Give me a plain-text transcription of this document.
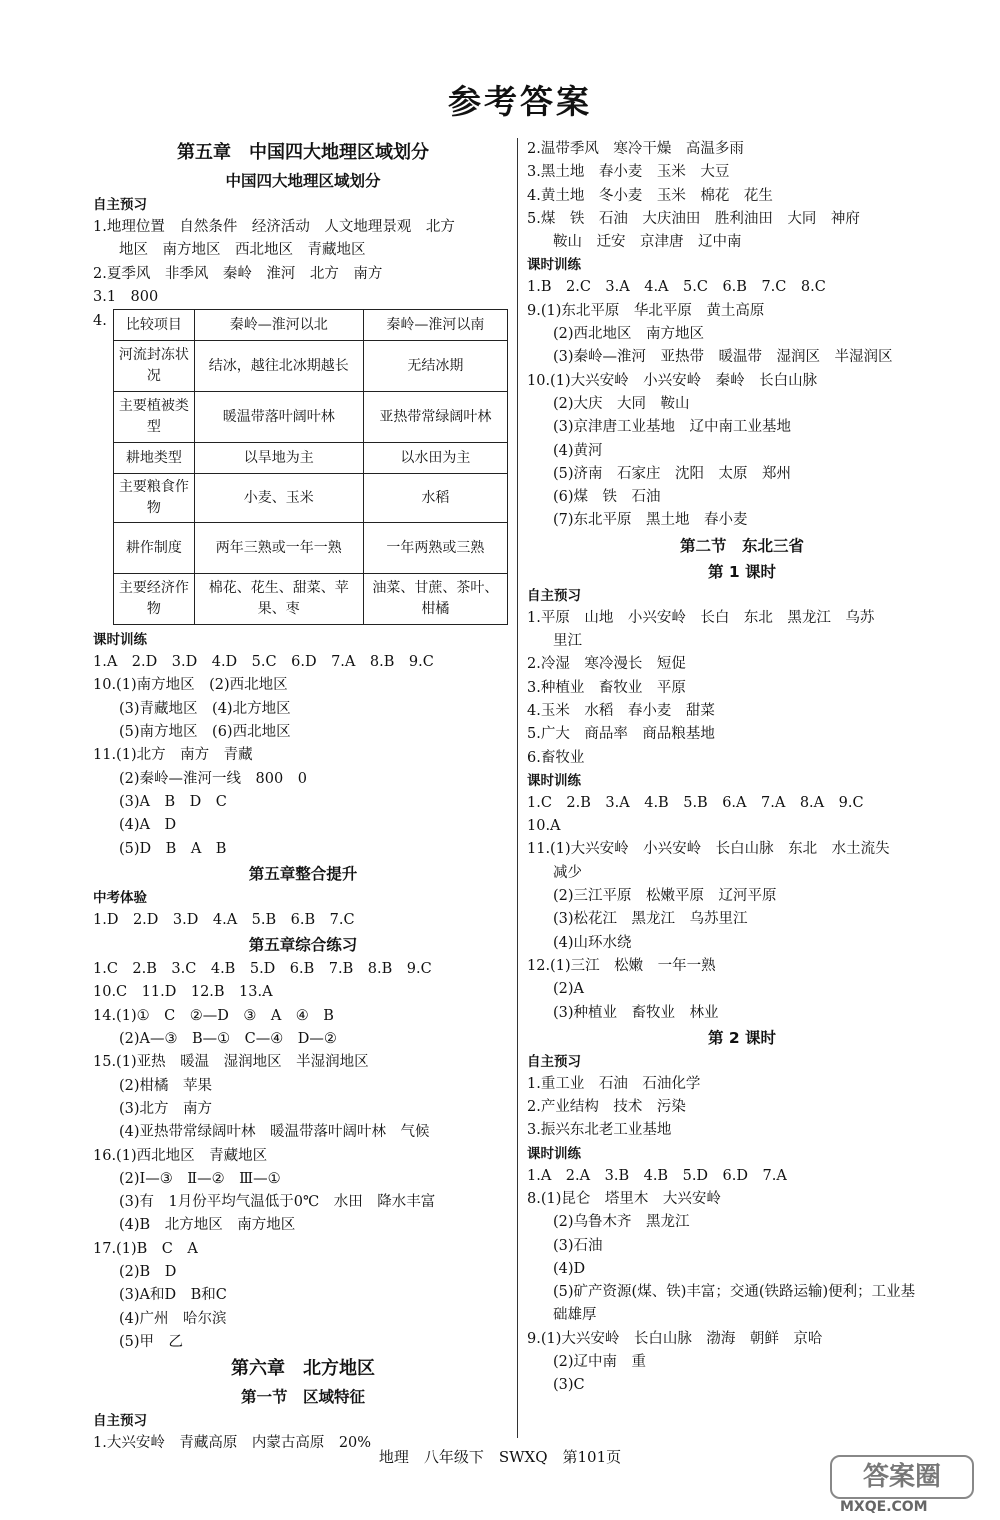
参考答案
第五章　中国四大地理区域划分
中国四大地理区域划分
自主预习
1.地理位置　自然条件　经济活动　人文地理景观　北方
地区　南方地区　西北地区　青藏地区
2.夏季风　非季风　秦岭　淮河　北方　南方
3.1　800
4. 比较项目	秦岭—淮河以北	秦岭—淮河以南
河流封冻状况	结冰，越往北冰期越长	无结冰期
主要植被类型	暖温带落叶阔叶林	亚热带常绿阔叶林
耕地类型	以旱地为主	以水田为主
主要粮食作物	小麦、玉米	水稻
耕作制度	两年三熟或一年一熟	一年两熟或三熟
主要经济作物	棉花、花生、甜菜、苹果、枣	油菜、甘蔗、茶叶、柑橘
课时训练
1.A　2.D　3.D　4.D　5.C　6.D　7.A　8.B　9.C
10.(1)南方地区　(2)西北地区
(3)青藏地区　(4)北方地区
(5)南方地区　(6)西北地区
11.(1)北方　南方　青藏
(2)秦岭—淮河一线　800　0
(3)A　B　D　C
(4)A　D
(5)D　B　A　B
第五章整合提升
中考体验
1.D　2.D　3.D　4.A　5.B　6.B　7.C
第五章综合练习
1.C　2.B　3.C　4.B　5.D　6.B　7.B　8.B　9.C
10.C　11.D　12.B　13.A
14.(1)①　C　②—D　③　A　④　B
(2)A—③　B—①　C—④　D—②
15.(1)亚热　暖温　湿润地区　半湿润地区
(2)柑橘　苹果
(3)北方　南方
(4)亚热带常绿阔叶林　暖温带落叶阔叶林　气候
16.(1)西北地区　青藏地区
(2)Ⅰ—③　Ⅱ—②　Ⅲ—①
(3)有　1月份平均气温低于0℃　水田　降水丰富
(4)B　北方地区　南方地区
17.(1)B　C　A
(2)B　D
(3)A和D　B和C
(4)广州　哈尔滨
(5)甲　乙
第六章　北方地区
第一节　区域特征
自主预习
1.大兴安岭　青藏高原　内蒙古高原　20%
2.温带季风　寒冷干燥　高温多雨
3.黑土地　春小麦　玉米　大豆
4.黄土地　冬小麦　玉米　棉花　花生
5.煤　铁　石油　大庆油田　胜利油田　大同　神府
鞍山　迁安　京津唐　辽中南
课时训练
1.B　2.C　3.A　4.A　5.C　6.B　7.C　8.C
9.(1)东北平原　华北平原　黄土高原
(2)西北地区　南方地区
(3)秦岭—淮河　亚热带　暖温带　湿润区　半湿润区
10.(1)大兴安岭　小兴安岭　秦岭　长白山脉
(2)大庆　大同　鞍山
(3)京津唐工业基地　辽中南工业基地
(4)黄河
(5)济南　石家庄　沈阳　太原　郑州
(6)煤　铁　石油
(7)东北平原　黑土地　春小麦
第二节　东北三省
第 1 课时
自主预习
1.平原　山地　小兴安岭　长白　东北　黑龙江　乌苏
里江
2.冷湿　寒冷漫长　短促
3.种植业　畜牧业　平原
4.玉米　水稻　春小麦　甜菜
5.广大　商品率　商品粮基地
6.畜牧业
课时训练
1.C　2.B　3.A　4.B　5.B　6.A　7.A　8.A　9.C
10.A
11.(1)大兴安岭　小兴安岭　长白山脉　东北　水土流失
减少
(2)三江平原　松嫩平原　辽河平原
(3)松花江　黑龙江　乌苏里江
(4)山环水绕
12.(1)三江　松嫩　一年一熟
(2)A
(3)种植业　畜牧业　林业
第 2 课时
自主预习
1.重工业　石油　石油化学
2.产业结构　技术　污染
3.振兴东北老工业基地
课时训练
1.A　2.A　3.B　4.B　5.D　6.D　7.A
8.(1)昆仑　塔里木　大兴安岭
(2)乌鲁木齐　黑龙江
(3)石油
(4)D
(5)矿产资源(煤、铁)丰富；交通(铁路运输)便利；工业基
础雄厚
9.(1)大兴安岭　长白山脉　渤海　朝鲜　京哈
(2)辽中南　重
(3)C
地理　八年级下　SWXQ　第101页
答案圈
MXQE.COM
